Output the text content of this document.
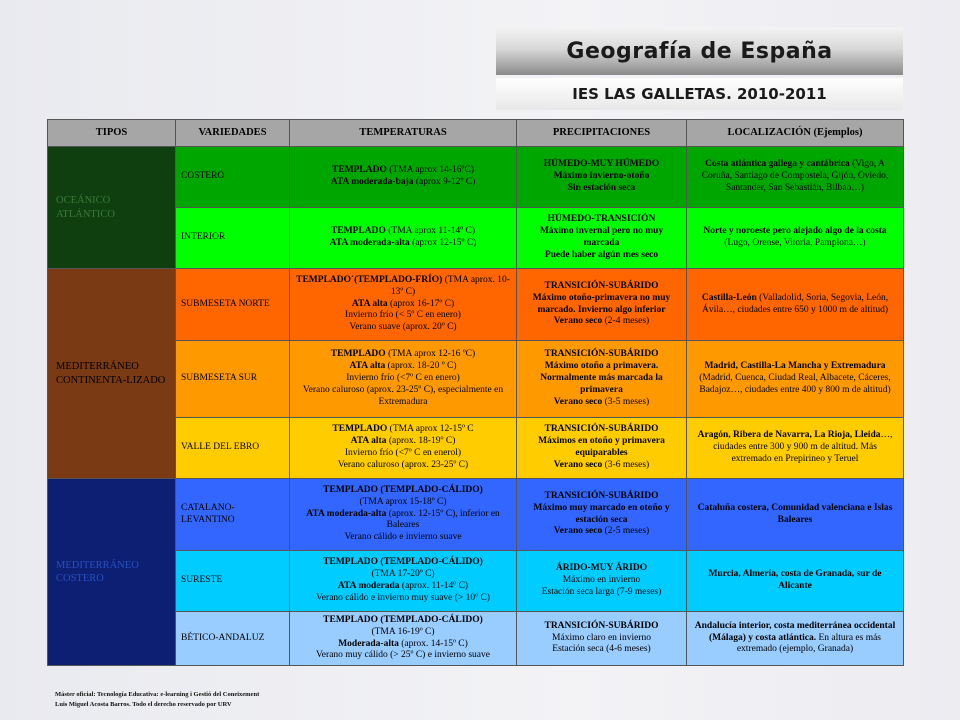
Geografía de España
IES LAS GALLETAS. 2010-2011
TIPOS	VARIEDADES	TEMPERATURAS	PRECIPITACIONES	LOCALIZACIÓN (Ejemplos)
OCEÁNICO ATLÁNTICO	COSTERO	TEMPLADO (TMA aprox 14-16ºC)
ATA moderada-baja (aprox 9-12º C)	HÚMEDO-MUY HÚMEDO
Máximo invierno-otoño
Sin estación seca	Costa atlántica gallega y cantábrica (Vigo, A Coruña, Santiago de Compostela, Gijón, Oviedo, Santander, San Sebastián, Bilbao…)
	INTERIOR	TEMPLADO (TMA aprox 11-14º C)
ATA moderada-alta (aprox 12-15º C)	HÚMEDO-TRANSICIÓN
Máximo invernal pero no muy marcada
Puede haber algún mes seco	Norte y noroeste pero alejado algo de la costa (Lugo, Orense, Vitoria, Pamplona…)
MEDITERRÁNEO CONTINENTA-LIZADO	SUBMESETA NORTE	TEMPLADO´(TEMPLADO-FRÍO) (TMA aprox. 10-13º C)
ATA alta (aprox 16-17º C)
Invierno frío (< 5º C en enero)
Verano suave (aprox. 20º C)	TRANSICIÓN-SUBÁRIDO
Máximo otoño-primavera no muy marcado. Invierno algo inferior
Verano seco (2-4 meses)	Castilla-León (Valladolid, Soria, Segovia, León, Ávila…, ciudades entre 650 y 1000 m de altitud)
	SUBMESETA SUR	TEMPLADO (TMA aprox 12-16 ºC)
ATA alta (aprox. 18-20 º C)
Invierno frío (<7º C en enero)
Verano caluroso (aprox. 23-25º C), especialmente en Extremadura	TRANSICIÓN-SUBÁRIDO
Máximo otoño a primavera. Normalmente más marcada la primavera
Verano seco (3-5 meses)	Madrid, Castilla-La Mancha y Extremadura
(Madrid, Cuenca, Ciudad Real, Albacete, Cáceres, Badajoz…, ciudades entre 400 y 800 m de altitud)
	VALLE DEL EBRO	TEMPLADO (TMA aprox 12-15º C
ATA alta (aprox. 18-19º C)
Invierno frío (<7º C en enerol)
Verano caluroso (aprox. 23-25º C)	TRANSICIÓN-SUBÁRIDO
Máximos en otoño y primavera equiparables
Verano seco (3-6 meses)	Aragón, Ribera de Navarra, La Rioja, Lleida…, ciudades entre 300 y 900 m de altitud. Más extremado en Prepirineo y Teruel
MEDITERRÁNEO COSTERO	CATALANO-LEVANTINO	TEMPLADO (TEMPLADO-CÁLIDO)
(TMA aprox 15-18º C)
ATA moderada-alta (aprox. 12-15º C), inferior en Baleares
Verano cálido e invierno suave	TRANSICIÓN-SUBÁRIDO
Máximo muy marcado en otoño y estación seca
Verano seco (2-5 meses)	Cataluña costera, Comunidad valenciana e Islas Baleares
	SURESTE	TEMPLADO (TEMPLADO-CÁLIDO)
(TMA 17-20º C)
ATA moderada (aprox. 11-14º C)
Verano cálido e invierno muy suave (> 10º C)	ÁRIDO-MUY ÁRIDO
Máximo en invierno
Estación seca larga (7-9 meses)	Murcia, Almería, costa de Granada, sur de Alicante
	BÉTICO-ANDALUZ	TEMPLADO (TEMPLADO-CÁLIDO)
(TMA 16-19º C)
Moderada-alta (aprox. 14-15º C)
Verano muy cálido (> 25º C) e invierno suave	TRANSICIÓN-SUBÁRIDO
Máximo claro en invierno
Estación seca (4-6 meses)	Andalucía interior, costa mediterránea occidental (Málaga) y costa atlántica. En altura es más extremado (ejemplo, Granada)
Máster oficial: Tecnología Educativa: e-learning i Gestió del Coneixement
Luis Miguel Acosta Barros. Todo el derecho reservado por URV
